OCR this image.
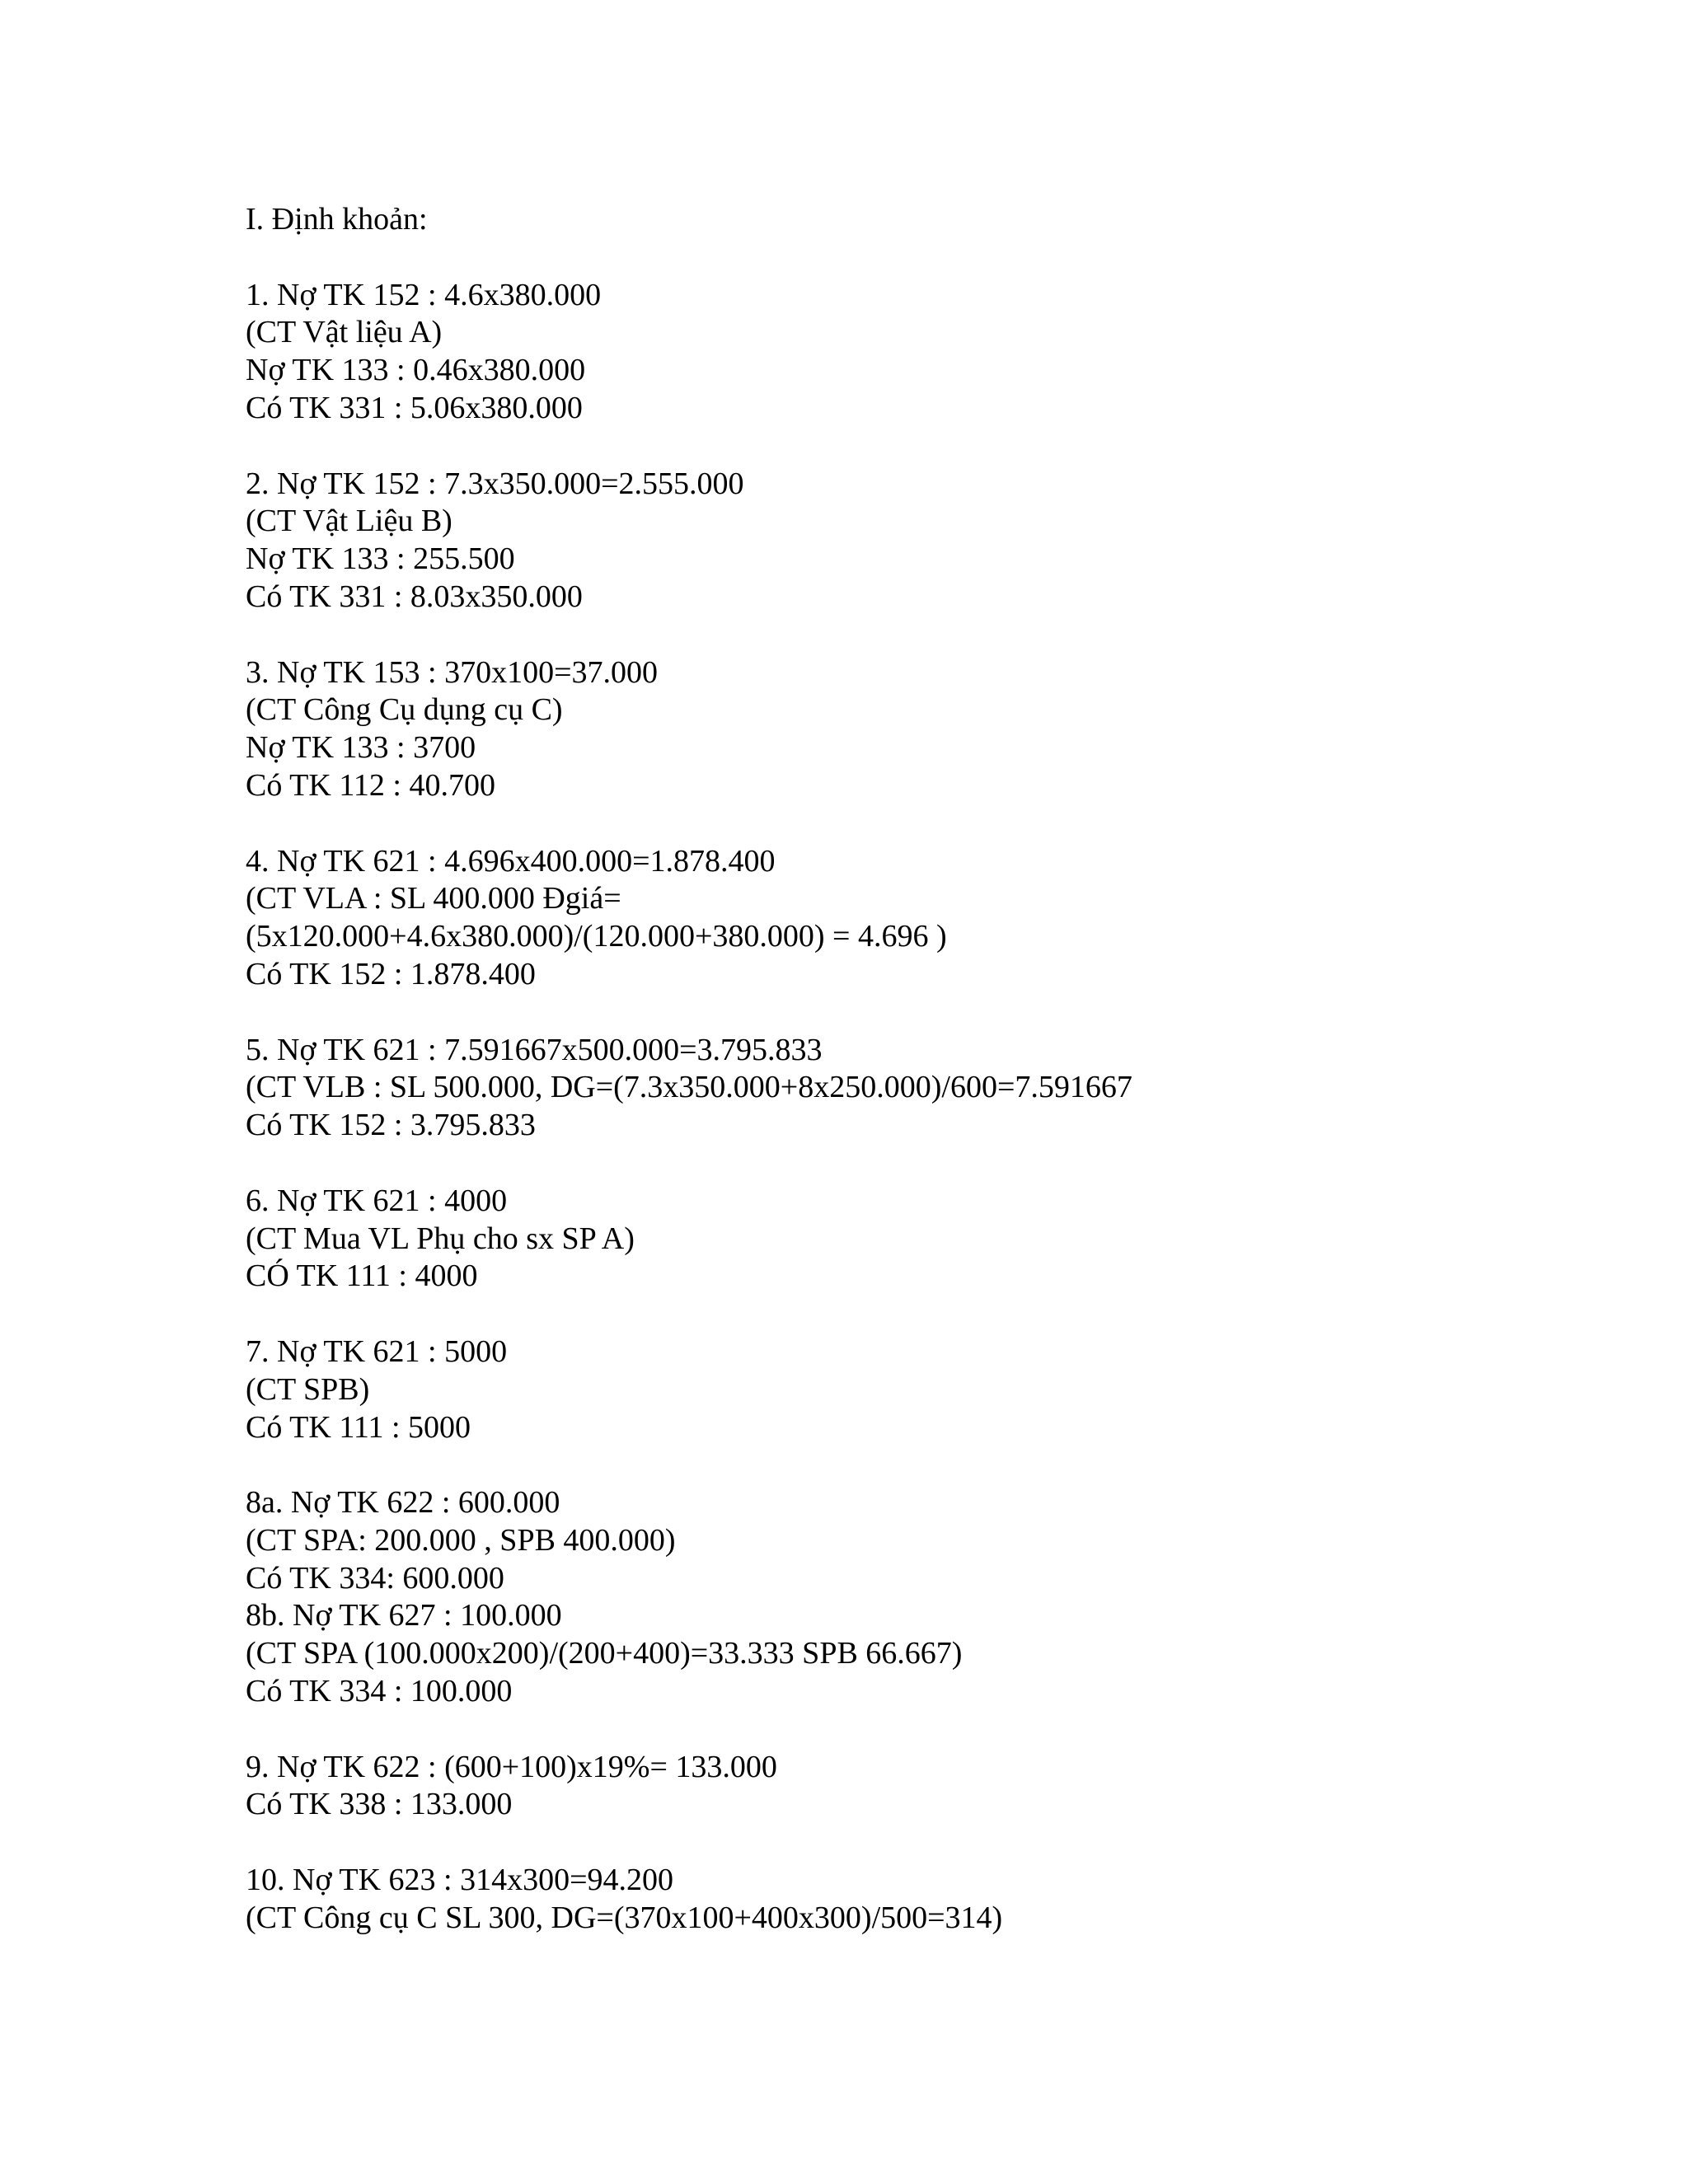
I. Định khoản:
1. Nợ TK 152 : 4.6x380.000
(CT Vật liệu A)
Nợ TK 133 : 0.46x380.000
Có TK 331 : 5.06x380.000
2. Nợ TK 152 : 7.3x350.000=2.555.000
(CT Vật Liệu B)
Nợ TK 133 : 255.500
Có TK 331 : 8.03x350.000
3. Nợ TK 153 : 370x100=37.000
(CT Công Cụ dụng cụ C)
Nợ TK 133 : 3700
Có TK 112 : 40.700
4. Nợ TK 621 : 4.696x400.000=1.878.400
(CT VLA : SL 400.000 Đgiá=
(5x120.000+4.6x380.000)/(120.000+380.000) = 4.696 )
Có TK 152 : 1.878.400
5. Nợ TK 621 : 7.591667x500.000=3.795.833
(CT VLB : SL 500.000, DG=(7.3x350.000+8x250.000)/600=7.591667
Có TK 152 : 3.795.833
6. Nợ TK 621 : 4000
(CT Mua VL Phụ cho sx SP A)
CÓ TK 111 : 4000
7. Nợ TK 621 : 5000
(CT SPB)
Có TK 111 : 5000
8a. Nợ TK 622 : 600.000
(CT SPA: 200.000 , SPB 400.000)
Có TK 334: 600.000
8b. Nợ TK 627 : 100.000
(CT SPA (100.000x200)/(200+400)=33.333 SPB 66.667)
Có TK 334 : 100.000
9. Nợ TK 622 : (600+100)x19%= 133.000
Có TK 338 : 133.000
10. Nợ TK 623 : 314x300=94.200
(CT Công cụ C SL 300, DG=(370x100+400x300)/500=314)
